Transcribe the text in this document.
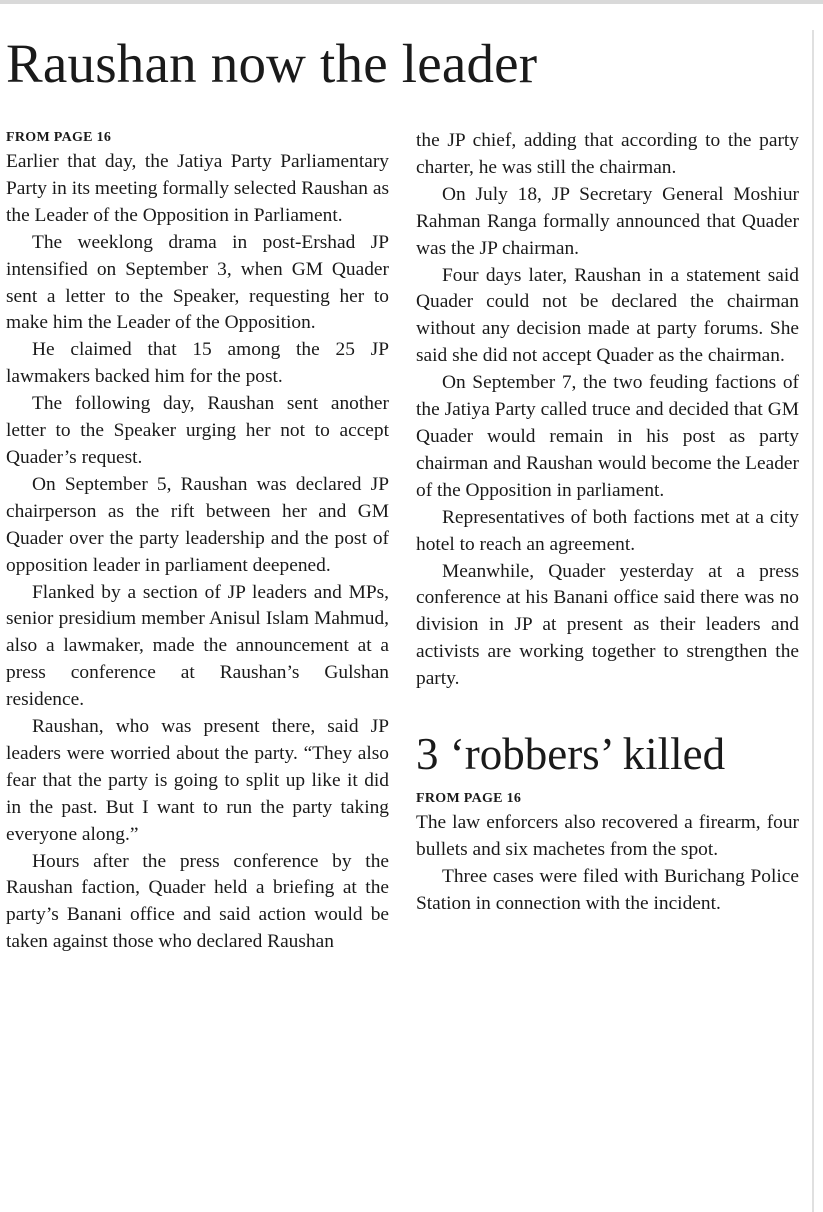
Raushan now the leader
FROM PAGE 16

Earlier that day, the Jatiya Party Parliamentary Party in its meeting formally selected Raushan as the Leader of the Opposition in Parliament.

The weeklong drama in post-Ershad JP intensified on September 3, when GM Quader sent a letter to the Speaker, requesting her to make him the Leader of the Opposition.

He claimed that 15 among the 25 JP lawmakers backed him for the post.

The following day, Raushan sent another letter to the Speaker urging her not to accept Quader’s request.

On September 5, Raushan was declared JP chairperson as the rift between her and GM Quader over the party leadership and the post of opposition leader in parliament deepened.

Flanked by a section of JP leaders and MPs, senior presidium member Anisul Islam Mahmud, also a lawmaker, made the announcement at a press conference at Raushan’s Gulshan residence.

Raushan, who was present there, said JP leaders were worried about the party. “They also fear that the party is going to split up like it did in the past. But I want to run the party taking everyone along.”

Hours after the press conference by the Raushan faction, Quader held a briefing at the party’s Banani office and said action would be taken against those who declared Raushan

the JP chief, adding that according to the party charter, he was still the chairman.

On July 18, JP Secretary General Moshiur Rahman Ranga formally announced that Quader was the JP chairman.

Four days later, Raushan in a statement said Quader could not be declared the chairman without any decision made at party forums. She said she did not accept Quader as the chairman.

On September 7, the two feuding factions of the Jatiya Party called truce and decided that GM Quader would remain in his post as party chairman and Raushan would become the Leader of the Opposition in parliament.

Representatives of both factions met at a city hotel to reach an agreement.

Meanwhile, Quader yesterday at a press conference at his Banani office said there was no division in JP at present as their leaders and activists are working together to strengthen the party.

3 ‘robbers’ killed
FROM PAGE 16

The law enforcers also recovered a firearm, four bullets and six machetes from the spot.

Three cases were filed with Burichang Police Station in connection with the incident.
